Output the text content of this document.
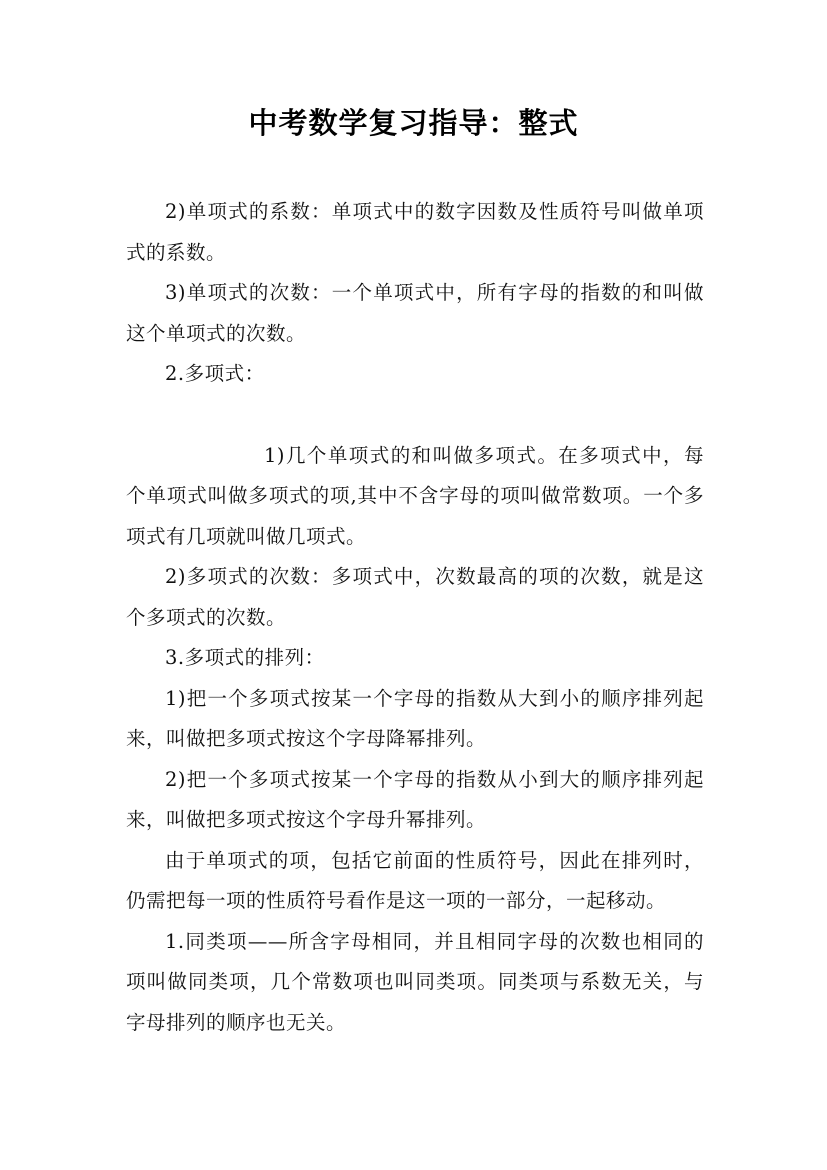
中考数学复习指导：整式

2)单项式的系数：单项式中的数字因数及性质符号叫做单项式的系数。

3)单项式的次数：一个单项式中，所有字母的指数的和叫做这个单项式的次数。

2.多项式：

1)几个单项式的和叫做多项式。在多项式中，每个单项式叫做多项式的项,其中不含字母的项叫做常数项。一个多项式有几项就叫做几项式。

2)多项式的次数：多项式中，次数最高的项的次数，就是这个多项式的次数。

3.多项式的排列：

1)把一个多项式按某一个字母的指数从大到小的顺序排列起来，叫做把多项式按这个字母降幂排列。

2)把一个多项式按某一个字母的指数从小到大的顺序排列起来，叫做把多项式按这个字母升幂排列。

由于单项式的项，包括它前面的性质符号，因此在排列时，仍需把每一项的性质符号看作是这一项的一部分，一起移动。

1.同类项——所含字母相同，并且相同字母的次数也相同的项叫做同类项，几个常数项也叫同类项。同类项与系数无关，与字母排列的顺序也无关。
